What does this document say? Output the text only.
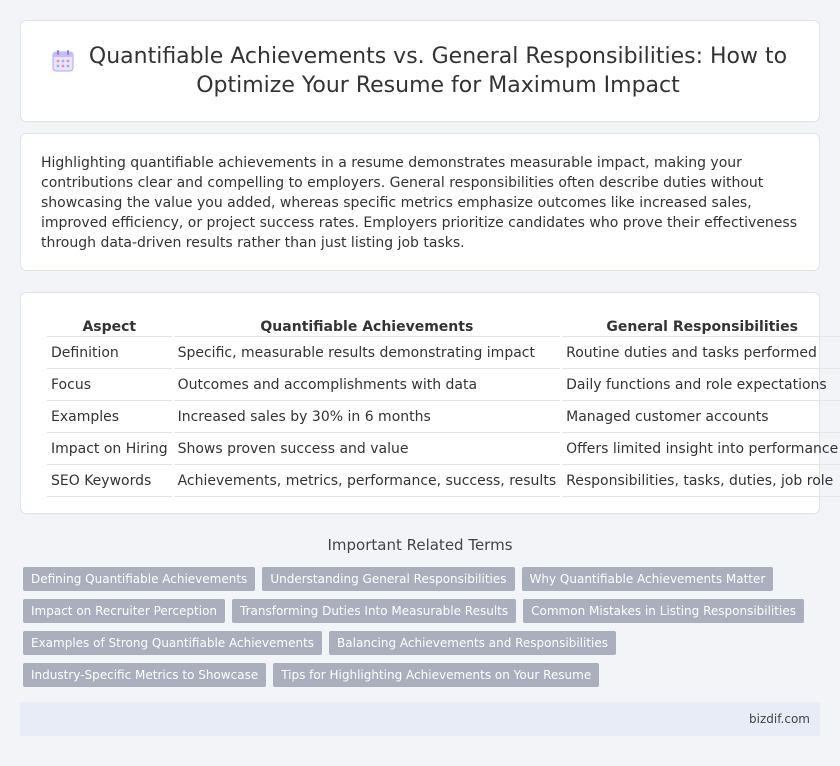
Quantifiable Achievements vs. General Responsibilities: How to Optimize Your Resume for Maximum Impact

Highlighting quantifiable achievements in a resume demonstrates measurable impact, making your contributions clear and compelling to employers. General responsibilities often describe duties without showcasing the value you added, whereas specific metrics emphasize outcomes like increased sales, improved efficiency, or project success rates. Employers prioritize candidates who prove their effectiveness through data-driven results rather than just listing job tasks.

Aspect	Quantifiable Achievements	General Responsibilities
Definition	Specific, measurable results demonstrating impact	Routine duties and tasks performed
Focus	Outcomes and accomplishments with data	Daily functions and role expectations
Examples	Increased sales by 30% in 6 months	Managed customer accounts
Impact on Hiring	Shows proven success and value	Offers limited insight into performance
SEO Keywords	Achievements, metrics, performance, success, results	Responsibilities, tasks, duties, job role
Important Related Terms
Defining Quantifiable Achievements	Understanding General Responsibilities	Why Quantifiable Achievements Matter
Impact on Recruiter Perception	Transforming Duties Into Measurable Results	Common Mistakes in Listing Responsibilities
Examples of Strong Quantifiable Achievements	Balancing Achievements and Responsibilities
Industry-Specific Metrics to Showcase	Tips for Highlighting Achievements on Your Resume
bizdif.com
